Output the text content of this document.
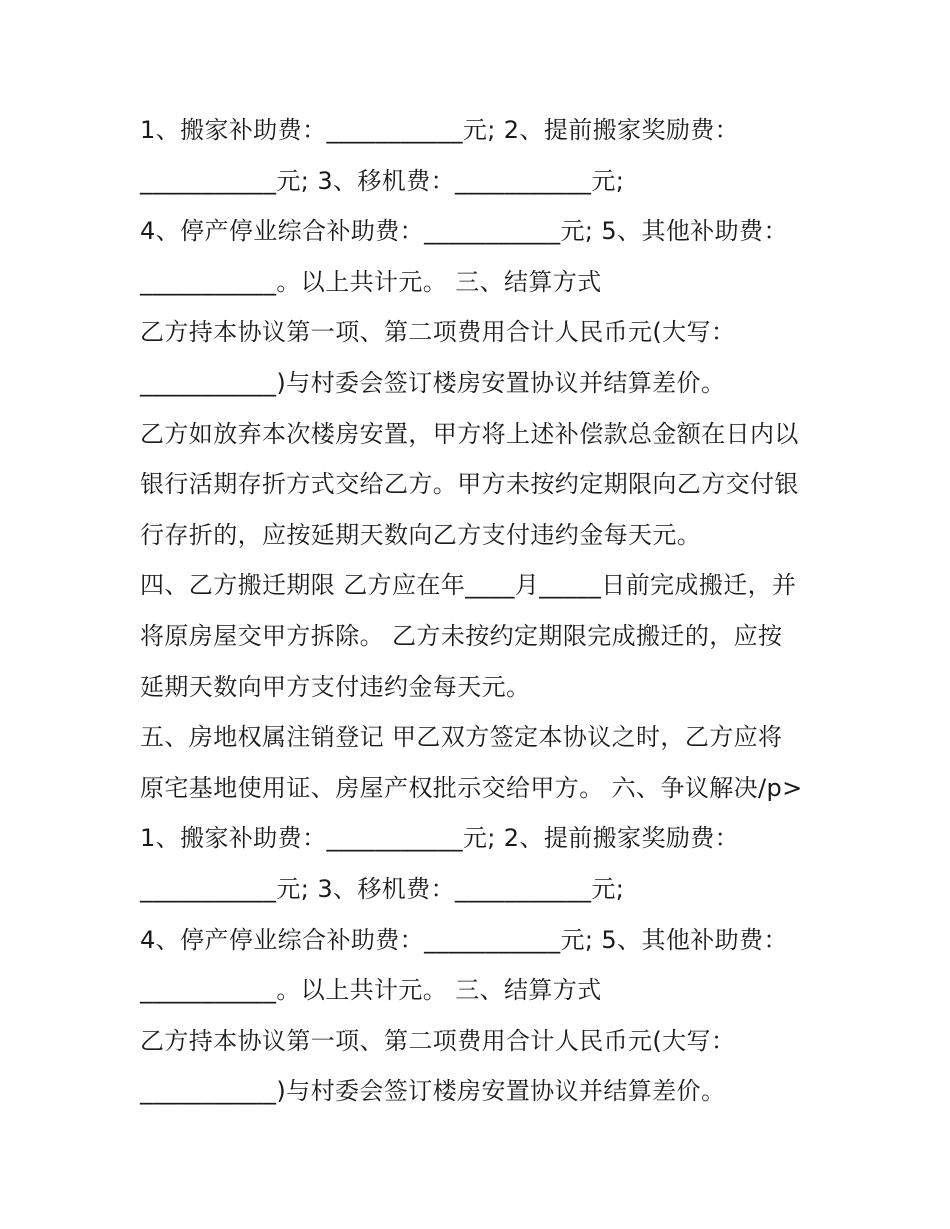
1、搬家补助费：___________元; 2、提前搬家奖励费：
___________元; 3、移机费：___________元;
4、停产停业综合补助费：___________元; 5、其他补助费：
___________。以上共计元。 三、结算方式
乙方持本协议第一项、第二项费用合计人民币元(大写：
___________)与村委会签订楼房安置协议并结算差价。
乙方如放弃本次楼房安置，甲方将上述补偿款总金额在日内以
银行活期存折方式交给乙方。甲方未按约定期限向乙方交付银
行存折的，应按延期天数向乙方支付违约金每天元。
四、乙方搬迁期限 乙方应在年____月_____日前完成搬迁，并
将原房屋交甲方拆除。 乙方未按约定期限完成搬迁的，应按
延期天数向甲方支付违约金每天元。
五、房地权属注销登记 甲乙双方签定本协议之时，乙方应将
原宅基地使用证、房屋产权批示交给甲方。 六、争议解决/p>
1、搬家补助费：___________元; 2、提前搬家奖励费：
___________元; 3、移机费：___________元;
4、停产停业综合补助费：___________元; 5、其他补助费：
___________。以上共计元。 三、结算方式
乙方持本协议第一项、第二项费用合计人民币元(大写：
___________)与村委会签订楼房安置协议并结算差价。
